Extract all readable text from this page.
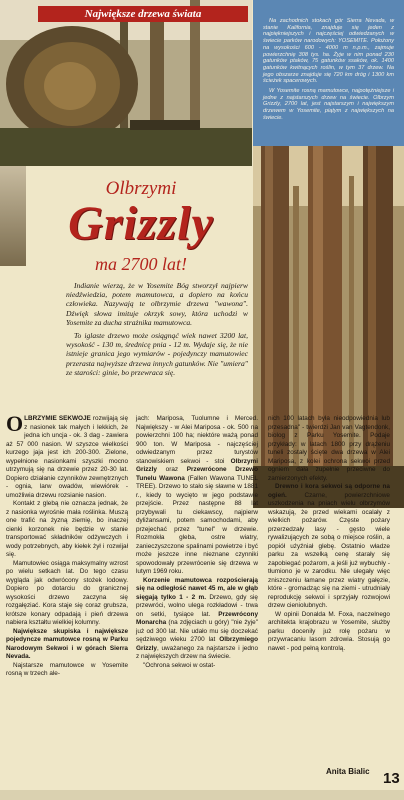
Największe drzewa świata

Na zachodnich stokach gór Sierra Nevada, w stanie Kalifornia, znajduje się jeden z najpiękniejszych i najczęściej odwiedzanych w świecie parków narodowych: YOSEMITE. Położony na wysokości 600 - 4000 m n.p.m., zajmuje powierzchnię 308 tys. ha. Żyje w nim ponad 230 gatunków ptaków, 75 gatunków ssaków, ok. 1400 gatunków kwitnących roślin, w tym 37 drzew. Na jego obszarze znajduje się 720 km dróg i 1300 km ścieżek spacerowych.

W Yosemite rosną mamutowce, najpotężniejsze i jedne z najstarszych drzew na świecie. Olbrzym Grizzly, 2700 lat, jest najstarszym i największym drzewem w Yosemite, piątym z największych na świecie.

Olbrzymi
Grizzly
ma 2700 lat!

Indianie wierzą, że w Yosemite Bóg stworzył najpierw niedźwiedzia, potem mamutowca, a dopiero na końcu człowieka. Nazywają te olbrzymie drzewa "wawona". Dźwięk słowa imituje okrzyk sowy, która uchodzi w Yosemite za ducha strażnika mamutowca.

To iglaste drzewo może osiągnąć wiek nawet 3200 lat, wysokość - 130 m, średnicę pnia - 12 m. Wydaje się, że nie istnieje granica jego wymiarów - pojedynczy mamutowiec przerasta najwyższe drzewa innych gatunków. Nie "umiera" ze starości: ginie, bo przewraca się.

OLBRZYMIE SEKWOJE rozwijają się z nasionek tak małych i lekkich, że jedna ich uncja - ok. 3 dag - zawiera aż 57 000 nasion. W szyszce wielkości kurzego jaja jest ich 200-300. Zielone, wypełnione nasionkami szyszki mocno utrzymują się na drzewie przez 20-30 lat. Dopiero działanie czynników zewnętrznych - ognia, larw owadów, wiewiórek - umożliwia drzewu rozsianie nasion.

Kontakt z glebą nie oznacza jednak, że z nasionka wyrośnie mała roślinka. Muszą one trafić na żyzną ziemię, bo inaczej cienki korzonek nie będzie w stanie transportować składników odżywczych i wody potrzebnych, aby kiełek żył i rozwijał się.

Mamutowiec osiąga maksymalny wzrost po wielu setkach lat. Do tego czasu wygląda jak odwrócony stożek lodowy. Dopiero po dotarciu do granicznej wysokości drzewo zaczyna się rozgałęziać. Kora staje się coraz grubsza, krótsze konary odpadają i pień drzewa nabiera kształtu wielkiej kolumny.

Największe skupiska i największe pojedyncze mamutowce rosną w Parku Narodowym Sekwoi i w górach Sierra Nevada.

Najstarsze mamutowce w Yosemite rosną w trzech ale-

jach: Mariposa, Tuolumne i Merced. Największy - w Alei Mariposa - ok. 500 na powierzchni 100 ha; niektóre ważą ponad 900 ton. W Mariposa - najczęściej odwiedzanym przez turystów stanowiskiem sekwoi - stoi Olbrzymi Grizzly oraz Przewrócone Drzewo Tunelu Wawona (Fallen Wawona TUNEL TREE). Drzewo to stało się sławne w 1881 r., kiedy to wycięto w jego podstawie przejście. Przez następne 88 lat przybywali tu ciekawscy, najpierw dyliżansami, potem samochodami, aby przejechać przez "tunel" w drzewie. Rozmokła gleba, ostre wiatry, zanieczyszczone spalinami powietrze i być może jeszcze inne nieznane czynniki spowodowały przewrócenie się drzewa w lutym 1969 roku.

Korzenie mamutowca rozpościerają się na odległość nawet 45 m, ale w głąb sięgają tylko 1 - 2 m. Drzewo, gdy się przewróci, wolno ulega rozkładowi - trwa on setki, tysiące lat. Przewrócony Monarcha (na zdjęciach u góry) "nie żyje" już od 300 lat. Nie udało mu się doczekać sędziwego wieku 2700 lat Olbrzymiego Grizzly, uważanego za najstarsze i jedno z największych drzew na świecie.

"Ochrona sekwoi w ostat-

nich 100 latach była nieodpowiednia lub przesadna" - twierdzi Jan van Vagtendonk, biolog z Parku Yosemite. Podaje przykłady: w latach 1800 przy drążeniu tuneli zostały ścięte dwa drzewa w Alei Mariposa, z kolei ochrona sekwoi przed ogniem dała zupełnie przeciwne do zamierzonych efekty.

Drewno i kora sekwoi są odporne na ogień. Czarne, powierzchniowe uszkodzenia na pniach wielu olbrzymów wskazują, że przed wiekami ocalały z wielkich pożarów. Częste pożary przerzedzały lasy - gęsto wiele rywalizujących ze sobą o miejsce roślin, a popiół użyźniał glebę. Ostatnio władze parku za wszelką cenę starały się zapobiegać pożarom, a jeśli już wybuchły - tłumiono je w zarodku. Nie ulegały więc zniszczeniu łamane przez wiatry gałęzie, które - gromadząc się na ziemi - utrudniały reprodukcję sekwoi i sprzyjały rozwojowi drzew cieniolubnych.

W opinii Donalda M. Foxa, naczelnego architekta krajobrazu w Yosemite, służby parku docenily już rolę pożaru w przywracaniu lasom zdrowia. Stosują go nawet - pod pełną kontrolą.

Anita Bialic 13
